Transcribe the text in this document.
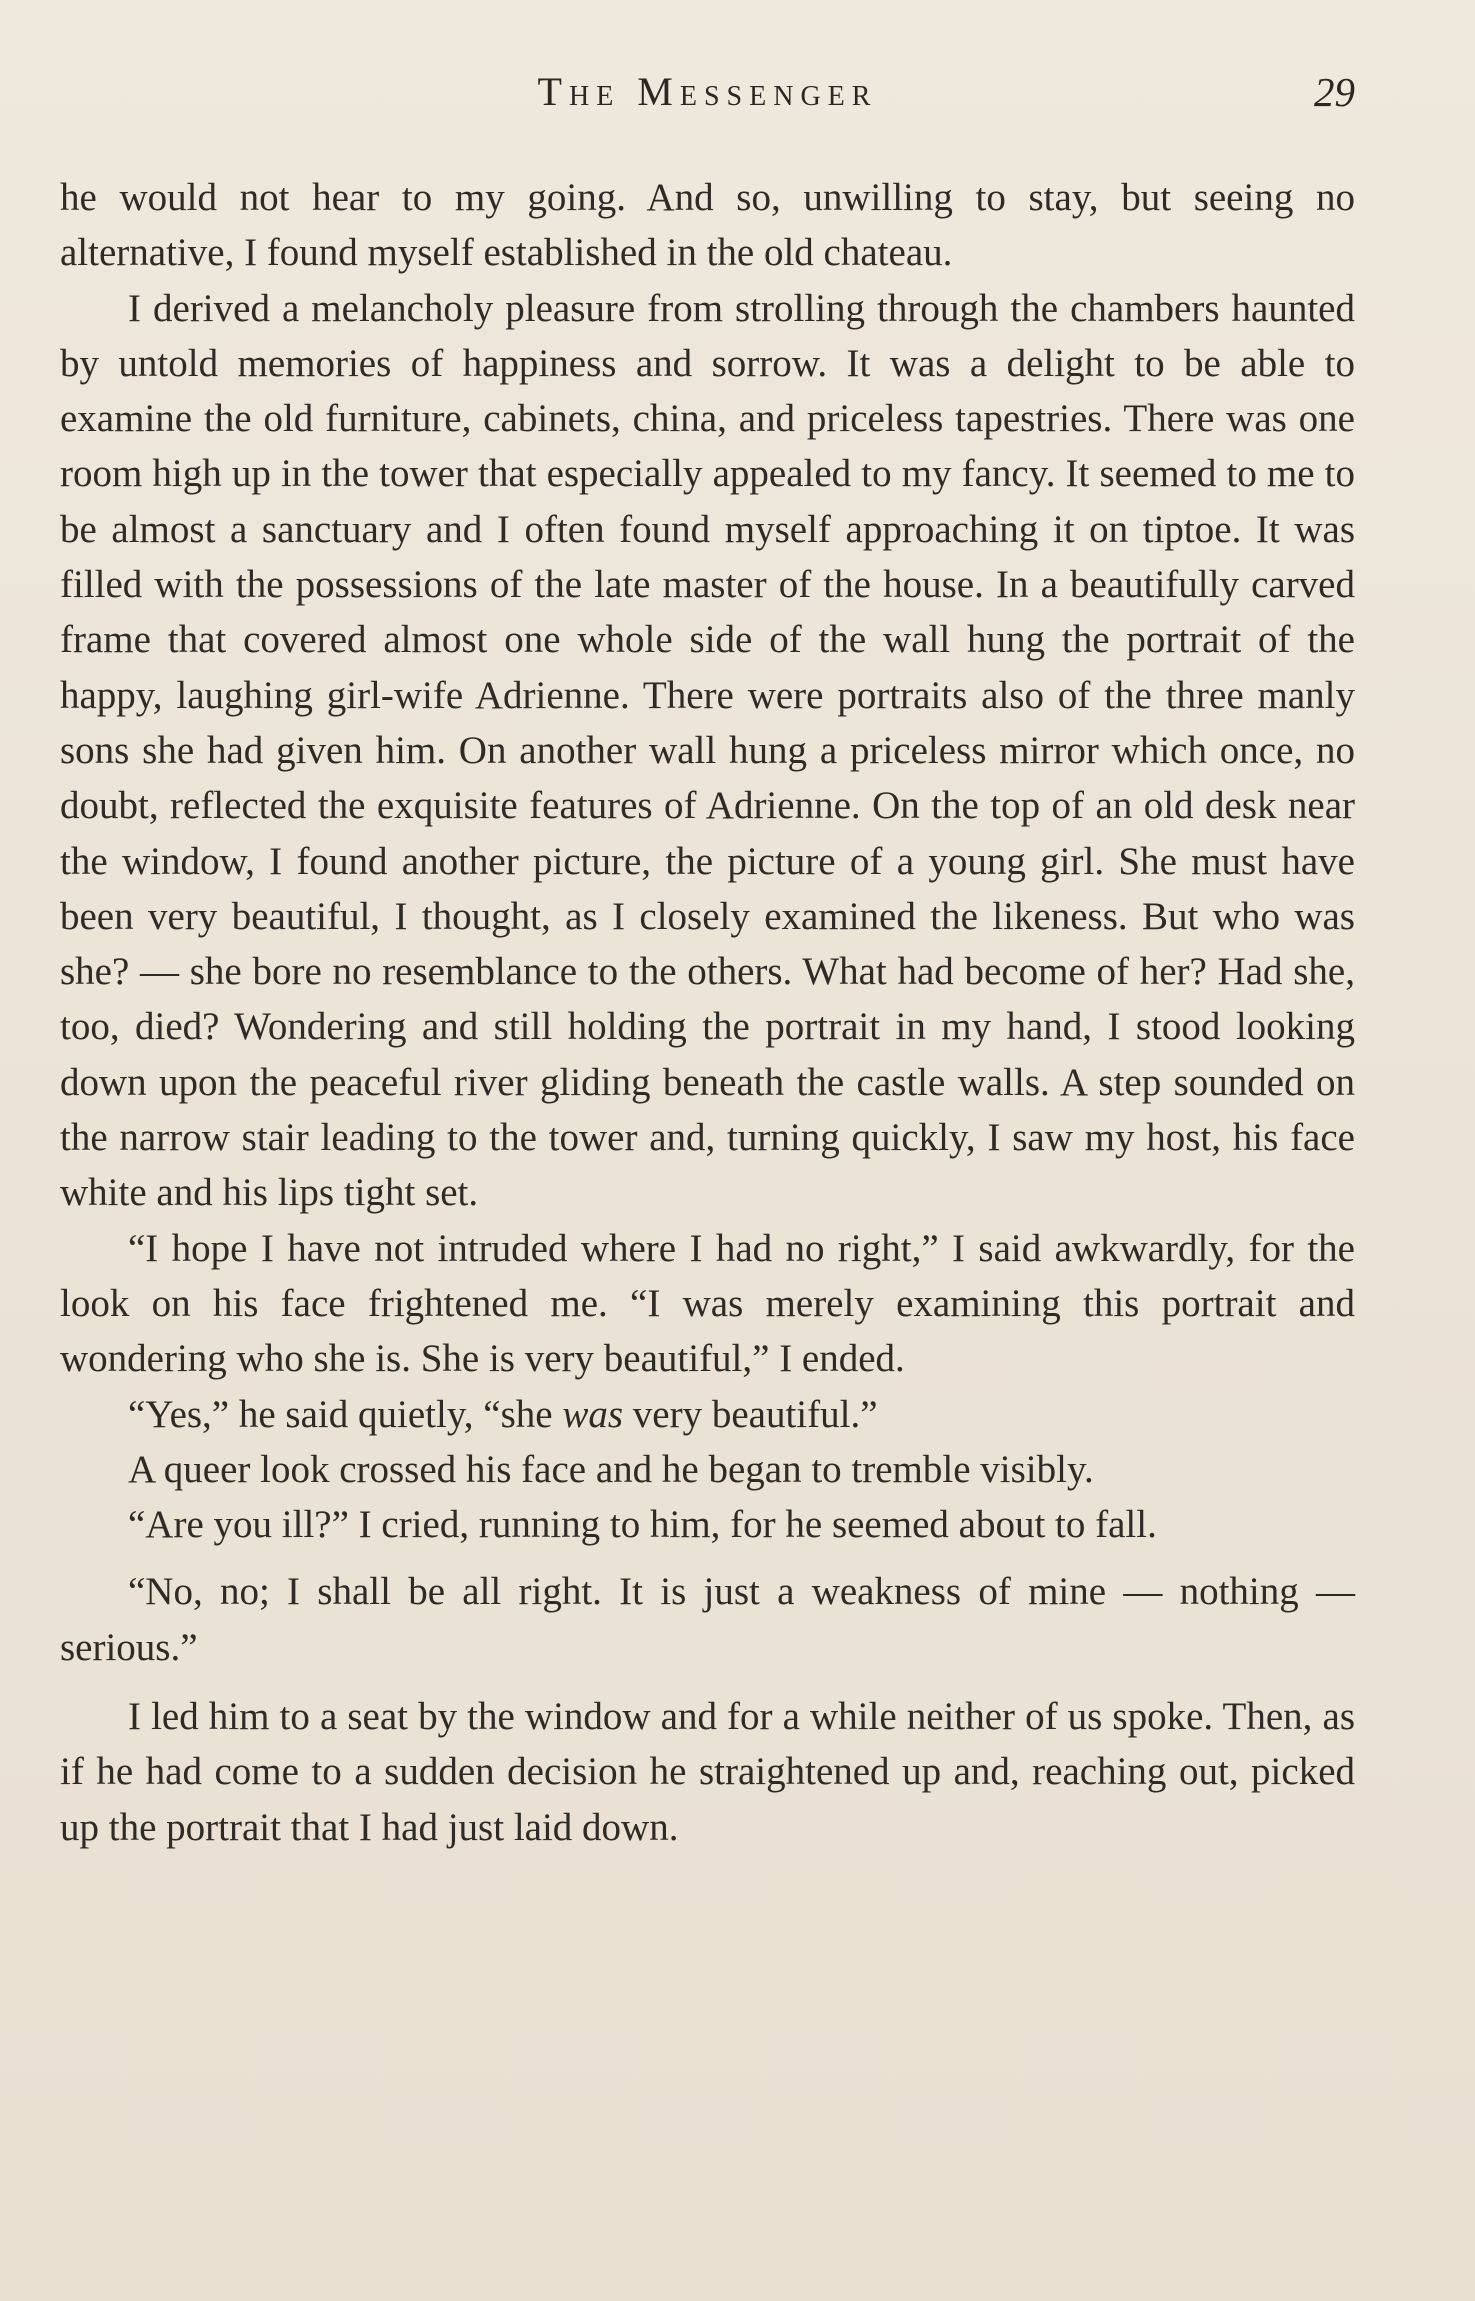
The Messenger	29

he would not hear to my going. And so, unwilling to stay, but seeing no alternative, I found myself established in the old chateau.

I derived a melancholy pleasure from strolling through the chambers haunted by untold memories of happiness and sorrow. It was a delight to be able to examine the old furniture, cabinets, china, and priceless tapestries. There was one room high up in the tower that especially appealed to my fancy. It seemed to me to be almost a sanctuary and I often found myself approaching it on tiptoe. It was filled with the possessions of the late master of the house. In a beautifully carved frame that covered almost one whole side of the wall hung the portrait of the happy, laughing girl-wife Adrienne. There were portraits also of the three manly sons she had given him. On another wall hung a priceless mirror which once, no doubt, reflected the exquisite features of Adrienne. On the top of an old desk near the window, I found another picture, the picture of a young girl. She must have been very beautiful, I thought, as I closely examined the likeness. But who was she? — she bore no resemblance to the others. What had become of her? Had she, too, died? Wondering and still holding the portrait in my hand, I stood looking down upon the peaceful river gliding beneath the castle walls. A step sounded on the narrow stair leading to the tower and, turning quickly, I saw my host, his face white and his lips tight set.

“I hope I have not intruded where I had no right,” I said awkwardly, for the look on his face frightened me. “I was merely examining this portrait and wondering who she is. She is very beautiful,” I ended.

“Yes,” he said quietly, “she was very beautiful.”

A queer look crossed his face and he began to tremble visibly.

“Are you ill?” I cried, running to him, for he seemed about to fall.

“No, no; I shall be all right. It is just a weakness of mine — nothing — serious.”

I led him to a seat by the window and for a while neither of us spoke. Then, as if he had come to a sudden decision he straightened up and, reaching out, picked up the portrait that I had just laid down.
